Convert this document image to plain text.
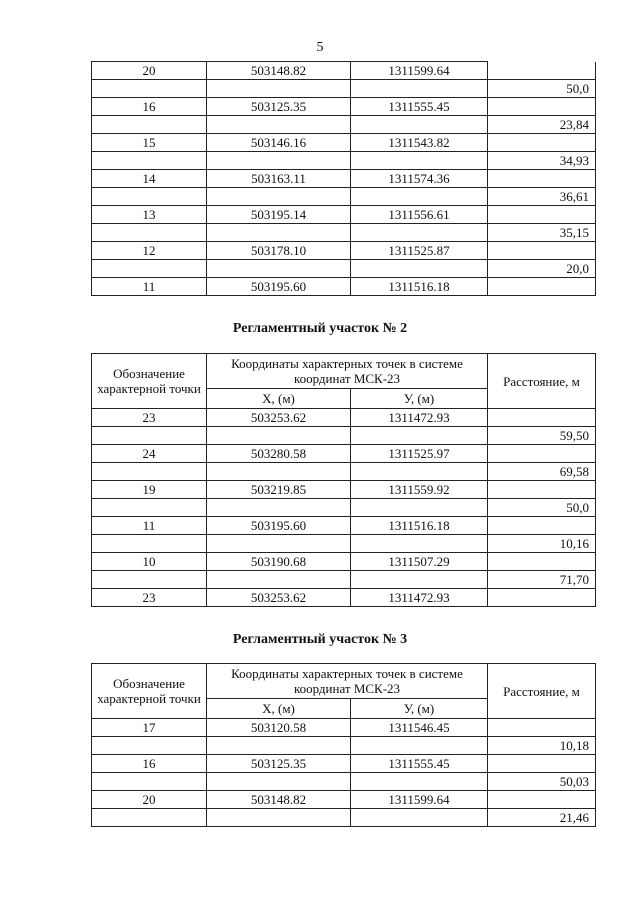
5
20	503148.82	1311599.64	
			50,0
16	503125.35	1311555.45	
			23,84
15	503146.16	1311543.82	
			34,93
14	503163.11	1311574.36	
			36,61
13	503195.14	1311556.61	
			35,15
12	503178.10	1311525.87	
			20,0
11	503195.60	1311516.18	
Регламентный участок № 2
Обозначение характерной точки	Координаты характерных точек в системе координат МСК-23		Расстояние, м
	X, (м)	У, (м)	
23	503253.62	1311472.93	
			59,50
24	503280.58	1311525.97	
			69,58
19	503219.85	1311559.92	
			50,0
11	503195.60	1311516.18	
			10,16
10	503190.68	1311507.29	
			71,70
23	503253.62	1311472.93	
Регламентный участок № 3
Обозначение характерной точки	Координаты характерных точек в системе координат МСК-23		Расстояние, м
	X, (м)	У, (м)	
17	503120.58	1311546.45	
			10,18
16	503125.35	1311555.45	
			50,03
20	503148.82	1311599.64	
			21,46
